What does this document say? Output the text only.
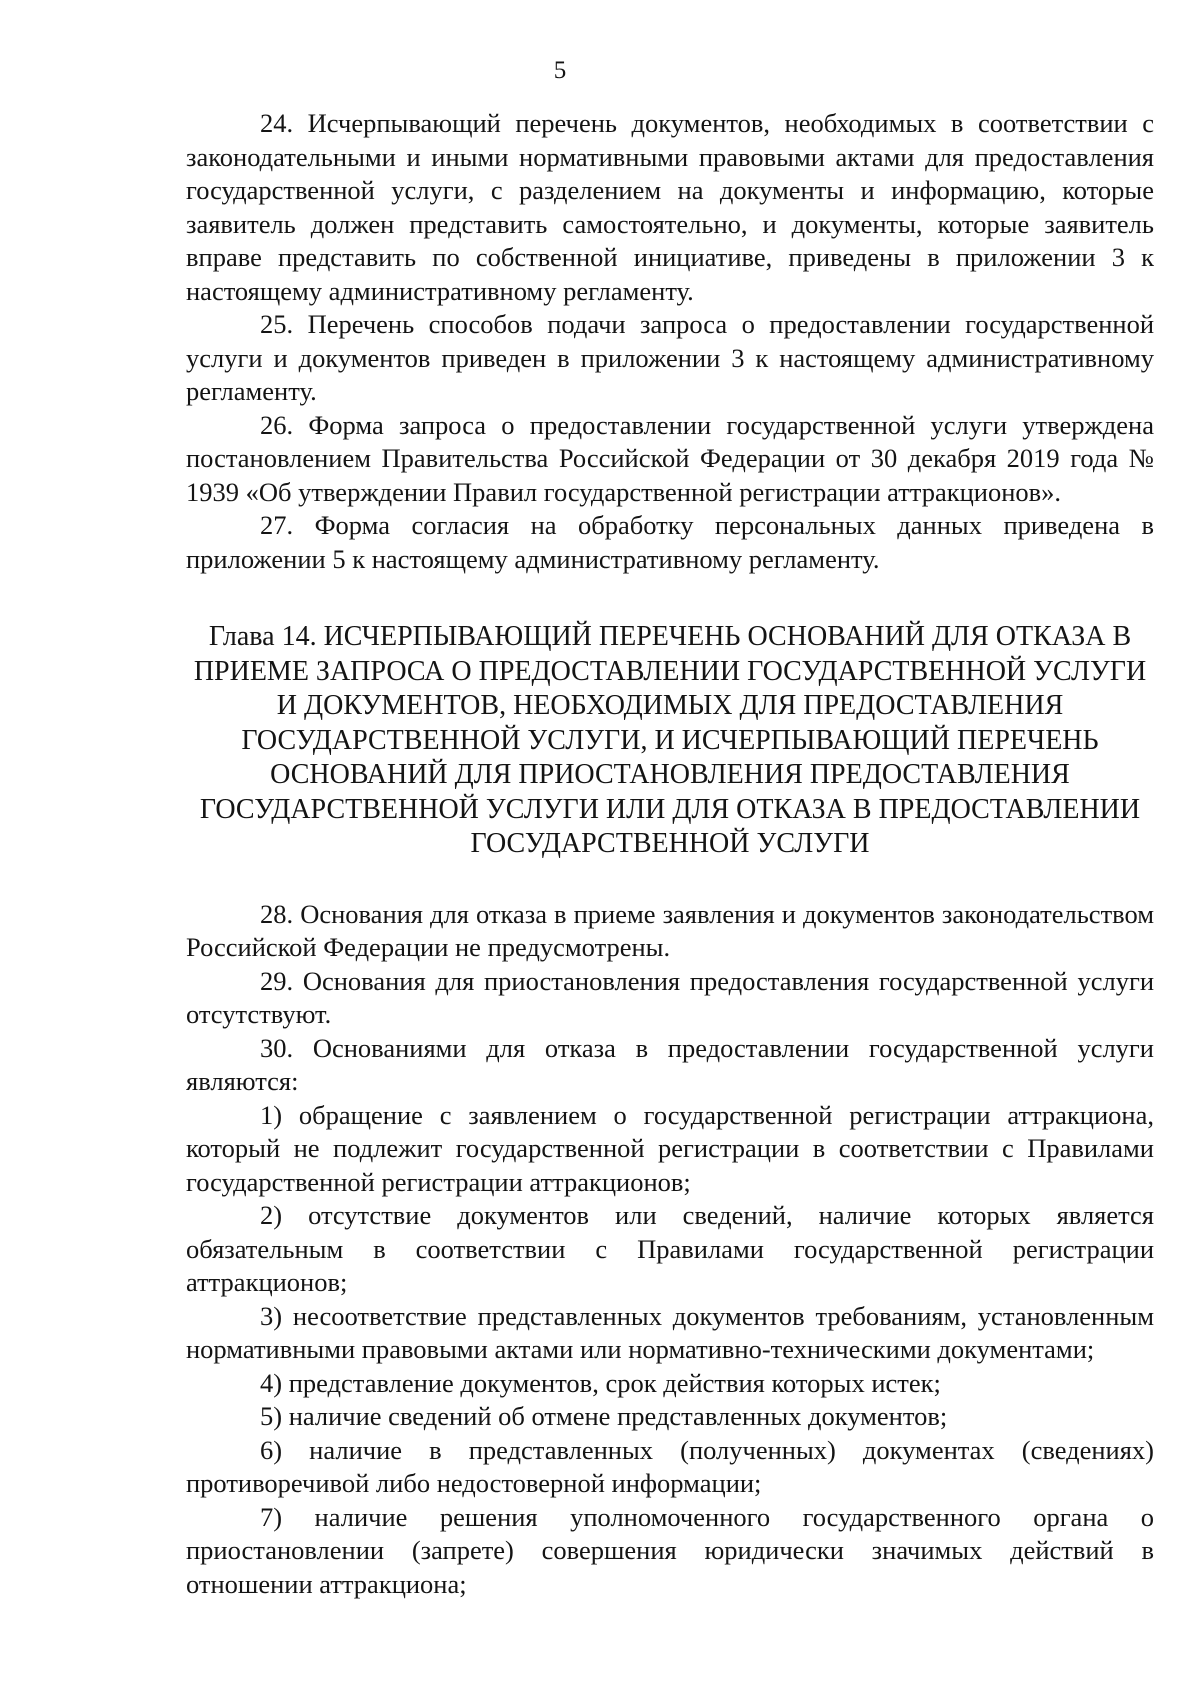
5

24. Исчерпывающий перечень документов, необходимых в соответствии с законодательными и иными нормативными правовыми актами для предоставления государственной услуги, с разделением на документы и информацию, которые заявитель должен представить самостоятельно, и документы, которые заявитель вправе представить по собственной инициативе, приведены в приложении 3 к настоящему административному регламенту.

25. Перечень способов подачи запроса о предоставлении государственной услуги и документов приведен в приложении 3 к настоящему административному регламенту.

26. Форма запроса о предоставлении государственной услуги утверждена постановлением Правительства Российской Федерации от 30 декабря 2019 года № 1939 «Об утверждении Правил государственной регистрации аттракционов».

27. Форма согласия на обработку персональных данных приведена в приложении 5 к настоящему административному регламенту.

Глава 14. ИСЧЕРПЫВАЮЩИЙ ПЕРЕЧЕНЬ ОСНОВАНИЙ ДЛЯ ОТКАЗА В
ПРИЕМЕ ЗАПРОСА О ПРЕДОСТАВЛЕНИИ ГОСУДАРСТВЕННОЙ УСЛУГИ
И ДОКУМЕНТОВ, НЕОБХОДИМЫХ ДЛЯ ПРЕДОСТАВЛЕНИЯ
ГОСУДАРСТВЕННОЙ УСЛУГИ, И ИСЧЕРПЫВАЮЩИЙ ПЕРЕЧЕНЬ
ОСНОВАНИЙ ДЛЯ ПРИОСТАНОВЛЕНИЯ ПРЕДОСТАВЛЕНИЯ
ГОСУДАРСТВЕННОЙ УСЛУГИ ИЛИ ДЛЯ ОТКАЗА В ПРЕДОСТАВЛЕНИИ
ГОСУДАРСТВЕННОЙ УСЛУГИ

28. Основания для отказа в приеме заявления и документов законодательством Российской Федерации не предусмотрены.

29. Основания для приостановления предоставления государственной услуги отсутствуют.

30. Основаниями для отказа в предоставлении государственной услуги являются:

1) обращение с заявлением о государственной регистрации аттракциона, который не подлежит государственной регистрации в соответствии с Правилами государственной регистрации аттракционов;

2) отсутствие документов или сведений, наличие которых является обязательным в соответствии с Правилами государственной регистрации аттракционов;

3) несоответствие представленных документов требованиям, установленным нормативными правовыми актами или нормативно-техническими документами;

4) представление документов, срок действия которых истек;

5) наличие сведений об отмене представленных документов;

6) наличие в представленных (полученных) документах (сведениях) противоречивой либо недостоверной информации;

7) наличие решения уполномоченного государственного органа о приостановлении (запрете) совершения юридически значимых действий в отношении аттракциона;
